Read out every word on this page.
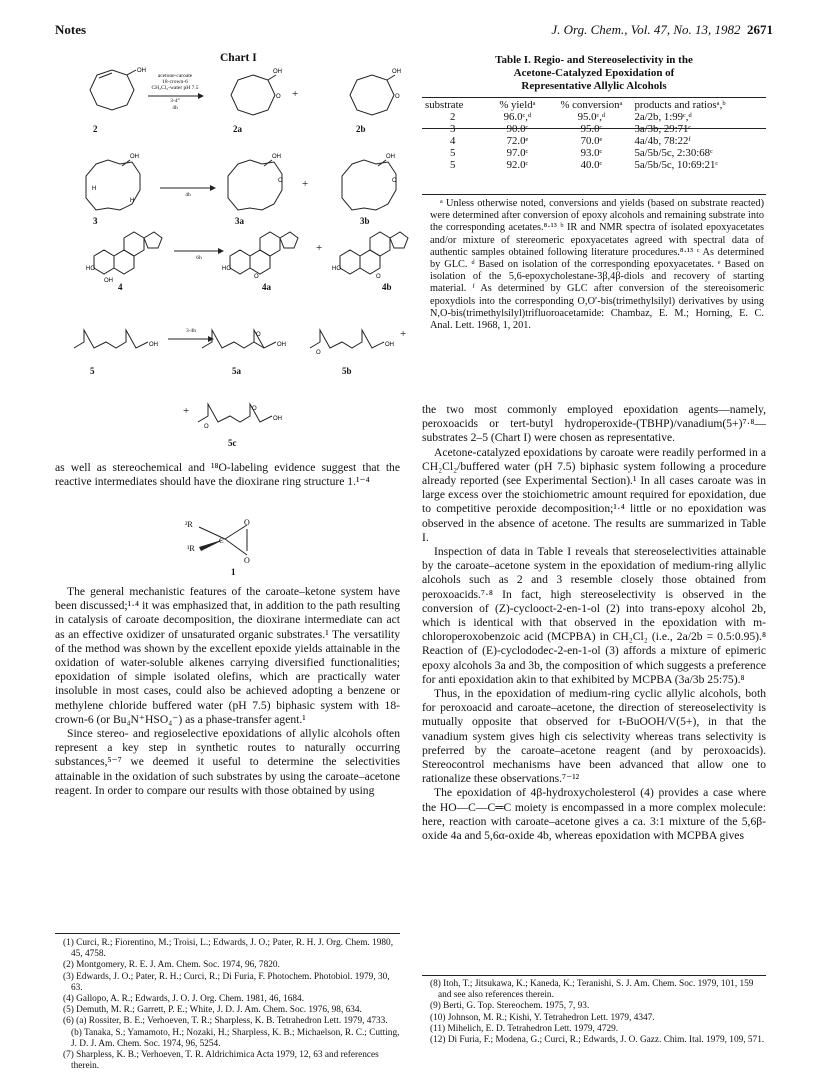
Notes	J. Org. Chem., Vol. 47, No. 13, 1982 2671
Chart I
OH
acetone-caroate
18-crown-6
CH₂Cl₂-water pH 7.5
3-4°
4h
OH
O +
OH
O
2	2a	2b
OH
H
H
4h
OH
O +
OH
O
3	3a	3b
HO
OH
6h
HO
O
+
HO
O
4	4a	4b
OH
3-4h
O
OH
O
OH
+
5	5a	5b
+
O
O
OH
5c

as well as stereochemical and ¹⁸O-labeling evidence suggest that the reactive intermediates should have the dioxirane ring structure 1.¹⁻⁴

²R
¹R
O
O
C
1

The general mechanistic features of the caroate–ketone system have been discussed;¹·⁴ it was emphasized that, in addition to the path resulting in catalysis of caroate decomposition, the dioxirane intermediate can act as an effective oxidizer of unsaturated organic substrates.¹ The versatility of the method was shown by the excellent epoxide yields attainable in the oxidation of water-soluble alkenes carrying diversified functionalities; epoxidation of simple isolated olefins, which are practically water insoluble in most cases, could also be achieved adopting a benzene or methylene chloride buffered water (pH 7.5) biphasic system with 18-crown-6 (or Bu₄N⁺HSO₄⁻) as a phase-transfer agent.¹

Since stereo- and regioselective epoxidations of allylic alcohols often represent a key step in synthetic routes to naturally occurring substances,⁵⁻⁷ we deemed it useful to determine the selectivities attainable in the oxidation of such substrates by using the caroate–acetone reagent. In order to compare our results with those obtained by using

(1) Curci, R.; Fiorentino, M.; Troisi, L.; Edwards, J. O.; Pater, R. H. J. Org. Chem. 1980, 45, 4758.
(2) Montgomery, R. E. J. Am. Chem. Soc. 1974, 96, 7820.
(3) Edwards, J. O.; Pater, R. H.; Curci, R.; Di Furia, F. Photochem. Photobiol. 1979, 30, 63.
(4) Gallopo, A. R.; Edwards, J. O. J. Org. Chem. 1981, 46, 1684.
(5) Demuth, M. R.; Garrett, P. E.; White, J. D. J. Am. Chem. Soc. 1976, 98, 634.
(6) (a) Rossiter, B. E.; Verhoeven, T. R.; Sharpless, K. B. Tetrahedron Lett. 1979, 4733. (b) Tanaka, S.; Yamamoto, H.; Nozaki, H.; Sharpless, K. B.; Michaelson, R. C.; Cutting, J. D. J. Am. Chem. Soc. 1974, 96, 5254.
(7) Sharpless, K. B.; Verhoeven, T. R. Aldrichimica Acta 1979, 12, 63 and references therein.
Table I. Regio- and Stereoselectivity in the
Acetone-Catalyzed Epoxidation of
Representative Allylic Alcohols
substrate	% yieldᵃ	% conversionᵃ	products and ratiosᵃ,ᵇ
2	96.0ᶜ,ᵈ	95.0ᶜ,ᵈ	2a/2b, 1:99ᶜ,ᵈ
3	90.0ᶜ	95.0ᶜ	3a/3b, 29:71ᶜ
4	72.0ᵉ	70.0ᵉ	4a/4b, 78:22ᶠ
5	97.0ᶜ	93.0ᶜ	5a/5b/5c, 2:30:68ᶜ
5	92.0ᶜ	40.0ᶜ	5a/5b/5c, 10:69:21ᶜ

ᵃ Unless otherwise noted, conversions and yields (based on substrate reacted) were determined after conversion of epoxy alcohols and remaining substrate into the corresponding acetates.⁸·¹³ ᵇ IR and NMR spectra of isolated epoxyacetates and/or mixture of stereomeric epoxyacetates agreed with spectral data of authentic samples obtained following literature procedures.⁸·¹³ ᶜ As determined by GLC. ᵈ Based on isolation of the corresponding epoxyacetates. ᵉ Based on isolation of the 5,6-epoxycholestane-3β,4β-diols and recovery of starting material. ᶠ As determined by GLC after conversion of the stereoisomeric epoxydiols into the corresponding O,O′-bis(trimethylsilyl) derivatives by using N,O-bis(trimethylsilyl)trifluoroacetamide: Chambaz, E. M.; Horning, E. C. Anal. Lett. 1968, 1, 201.

the two most commonly employed epoxidation agents—namely, peroxoacids or tert-butyl hydroperoxide-(TBHP)/vanadium(5+)⁷·⁸—substrates 2–5 (Chart I) were chosen as representative.

Acetone-catalyzed epoxidations by caroate were readily performed in a CH₂Cl₂/buffered water (pH 7.5) biphasic system following a procedure already reported (see Experimental Section).¹ In all cases caroate was in large excess over the stoichiometric amount required for epoxidation, due to competitive peroxide decomposition;¹·⁴ little or no epoxidation was observed in the absence of acetone. The results are summarized in Table I.

Inspection of data in Table I reveals that stereoselectivities attainable by the caroate–acetone system in the epoxidation of medium-ring allylic alcohols such as 2 and 3 resemble closely those obtained from peroxoacids.⁷·⁸ In fact, high stereoselectivity is observed in the conversion of (Z)-cyclooct-2-en-1-ol (2) into trans-epoxy alcohol 2b, which is identical with that observed in the epoxidation with m-chloroperoxobenzoic acid (MCPBA) in CH₂Cl₂ (i.e., 2a/2b = 0.5:0.95).⁸ Reaction of (E)-cyclododec-2-en-1-ol (3) affords a mixture of epimeric epoxy alcohols 3a and 3b, the composition of which suggests a preference for anti epoxidation akin to that exhibited by MCPBA (3a/3b 25:75).⁸

Thus, in the epoxidation of medium-ring cyclic allylic alcohols, both for peroxoacid and caroate–acetone, the direction of stereoselectivity is mutually opposite that observed for t-BuOOH/V(5+), in that the vanadium system gives high cis selectivity whereas trans selectivity is preferred by the caroate–acetone reagent (and by peroxoacids). Stereocontrol mechanisms have been advanced that allow one to rationalize these observations.⁷⁻¹²

The epoxidation of 4β-hydroxycholesterol (4) provides a case where the HO—C—C═C moiety is encompassed in a more complex molecule: here, reaction with caroate–acetone gives a ca. 3:1 mixture of the 5,6β-oxide 4a and 5,6α-oxide 4b, whereas epoxidation with MCPBA gives

(8) Itoh, T.; Jitsukawa, K.; Kaneda, K.; Teranishi, S. J. Am. Chem. Soc. 1979, 101, 159 and see also references therein.
(9) Berti, G. Top. Stereochem. 1975, 7, 93.
(10) Johnson, M. R.; Kishi, Y. Tetrahedron Lett. 1979, 4347.
(11) Mihelich, E. D. Tetrahedron Lett. 1979, 4729.
(12) Di Furia, F.; Modena, G.; Curci, R.; Edwards, J. O. Gazz. Chim. Ital. 1979, 109, 571.
